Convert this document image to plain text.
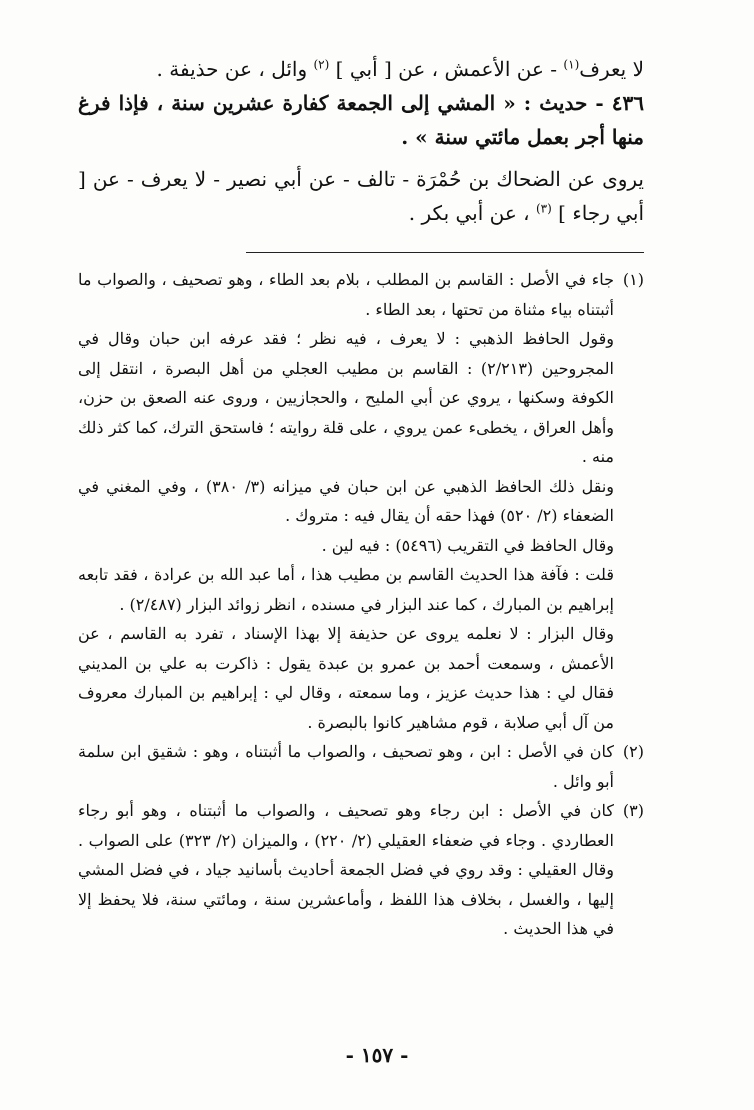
لا يعرف$^{(١)}$ - عن الأعمش ، عن [ أبي ] $^{(٢)}$ وائل ، عن حذيفة .

٤٣٦ - حديث : « المشي إلى الجمعة كفارة عشرين سنة ، فإذا فرغ منها أجر بعمل مائتي سنة » .

يروى عن الضحاك بن حُمْرَة - تالف - عن أبي نصير - لا يعرف - عن [ أبي رجاء ] $^{(٣)}$ ، عن أبي بكر .

(١)

جاء في الأصل : القاسم بن المطلب ، بلام بعد الطاء ، وهو تصحيف ، والصواب ما أثبتناه بياء مثناة من تحتها ، بعد الطاء .

وقول الحافظ الذهبي : لا يعرف ، فيه نظر ؛ فقد عرفه ابن حبان وقال في المجروحين (٢/٢١٣) : القاسم بن مطيب العجلي من أهل البصرة ، انتقل إلى الكوفة وسكنها ، يروي عن أبي المليح ، والحجازيين ، وروى عنه الصعق بن حزن، وأهل العراق ، يخطىء عمن يروي ، على قلة روايته ؛ فاستحق الترك، كما كثر ذلك منه .

ونقل ذلك الحافظ الذهبي عن ابن حبان في ميزانه (٣/ ٣٨٠) ، وفي المغني في الضعفاء (٢/ ٥٢٠) فهذا حقه أن يقال فيه : متروك .

وقال الحافظ في التقريب (٥٤٩٦) : فيه لين .

قلت : فآفة هذا الحديث القاسم بن مطيب هذا ، أما عبد الله بن عرادة ، فقد تابعه إبراهيم بن المبارك ، كما عند البزار في مسنده ، انظر زوائد البزار (٢/٤٨٧) .

وقال البزار : لا نعلمه يروى عن حذيفة إلا بهذا الإسناد ، تفرد به القاسم ، عن الأعمش ، وسمعت أحمد بن عمرو بن عبدة يقول : ذاكرت به علي بن المديني فقال لي : هذا حديث عزيز ، وما سمعته ، وقال لي : إبراهيم بن المبارك معروف من آل أبي صلابة ، قوم مشاهير كانوا بالبصرة .

(٢)

كان في الأصل : ابن ، وهو تصحيف ، والصواب ما أثبتناه ، وهو : شقيق ابن سلمة أبو وائل .

(٣)

كان في الأصل : ابن رجاء وهو تصحيف ، والصواب ما أثبتناه ، وهو أبو رجاء العطاردي . وجاء في ضعفاء العقيلي (٢/ ٢٢٠) ، والميزان (٢/ ٣٢٣) على الصواب . وقال العقيلي : وقد روي في فضل الجمعة أحاديث بأسانيد جياد ، في فضل المشي إليها ، والغسل ، بخلاف هذا اللفظ ، وأماعشرين سنة ، ومائتي سنة، فلا يحفظ إلا في هذا الحديث .

- ١٥٧ -
